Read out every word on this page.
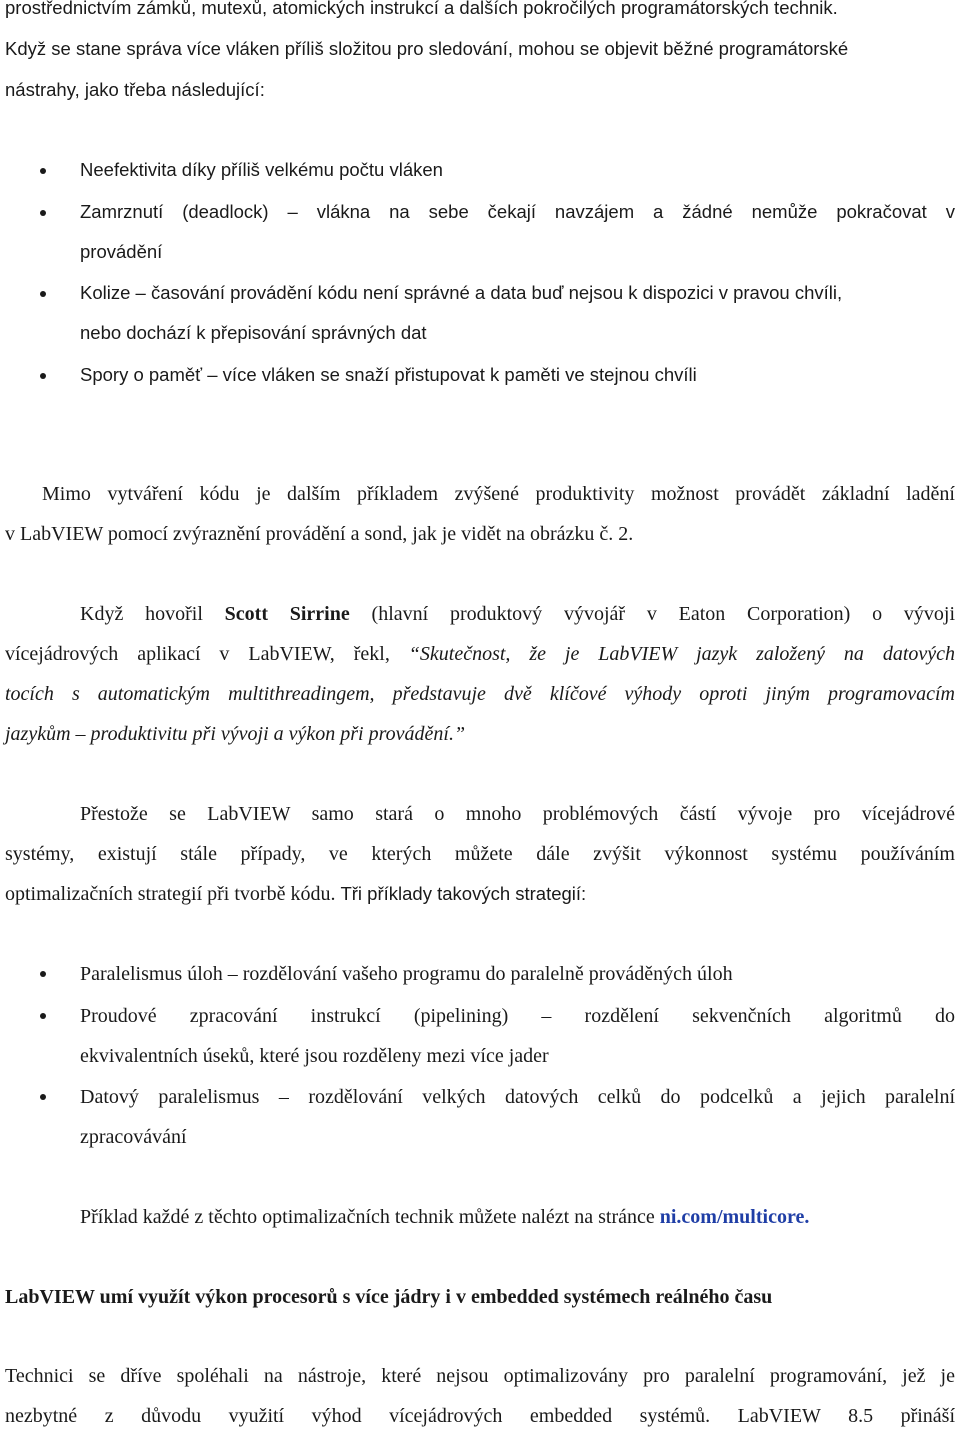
prostřednictvím zámků, mutexů, atomických instrukcí a dalších pokročilých programátorských technik.
Když se stane správa více vláken příliš složitou pro sledování, mohou se objevit běžné programátorské
nástrahy, jako třeba následující:
Neefektivita díky příliš velkému počtu vláken
Zamrznutí (deadlock) – vlákna na sebe čekají navzájem a žádné nemůže pokračovat v
provádění
Kolize – časování provádění kódu není správné a data buď nejsou k dispozici v pravou chvíli,
nebo dochází k přepisování správných dat
Spory o paměť – více vláken se snaží přistupovat k paměti ve stejnou chvíli
Mimo vytváření kódu je dalším příkladem zvýšené produktivity možnost provádět základní ladění
v LabVIEW pomocí zvýraznění provádění a sond, jak je vidět na obrázku č. 2.
Když hovořil Scott Sirrine (hlavní produktový vývojář v Eaton Corporation) o vývoji
vícejádrových aplikací v LabVIEW, řekl, “Skutečnost, že je LabVIEW jazyk založený na datových
tocích s automatickým multithreadingem, představuje dvě klíčové výhody oproti jiným programovacím
jazykům – produktivitu při vývoji a výkon při provádění.”
Přestože se LabVIEW samo stará o mnoho problémových částí vývoje pro vícejádrové
systémy, existují stále případy, ve kterých můžete dále zvýšit výkonnost systému používáním
optimalizačních strategií při tvorbě kódu. Tři příklady takových strategií:
Paralelismus úloh – rozdělování vašeho programu do paralelně prováděných úloh
Proudové zpracování instrukcí (pipelining) – rozdělení sekvenčních algoritmů do
ekvivalentních úseků, které jsou rozděleny mezi více jader
Datový paralelismus – rozdělování velkých datových celků do podcelků a jejich paralelní
zpracovávání
Příklad každé z těchto optimalizačních technik můžete nalézt na stránce ni.com/multicore.
LabVIEW umí využít výkon procesorů s více jádry i v embedded systémech reálného času
Technici se dříve spoléhali na nástroje, které nejsou optimalizovány pro paralelní programování, jež je
nezbytné z důvodu využití výhod vícejádrových embedded systémů. LabVIEW 8.5 přináší
